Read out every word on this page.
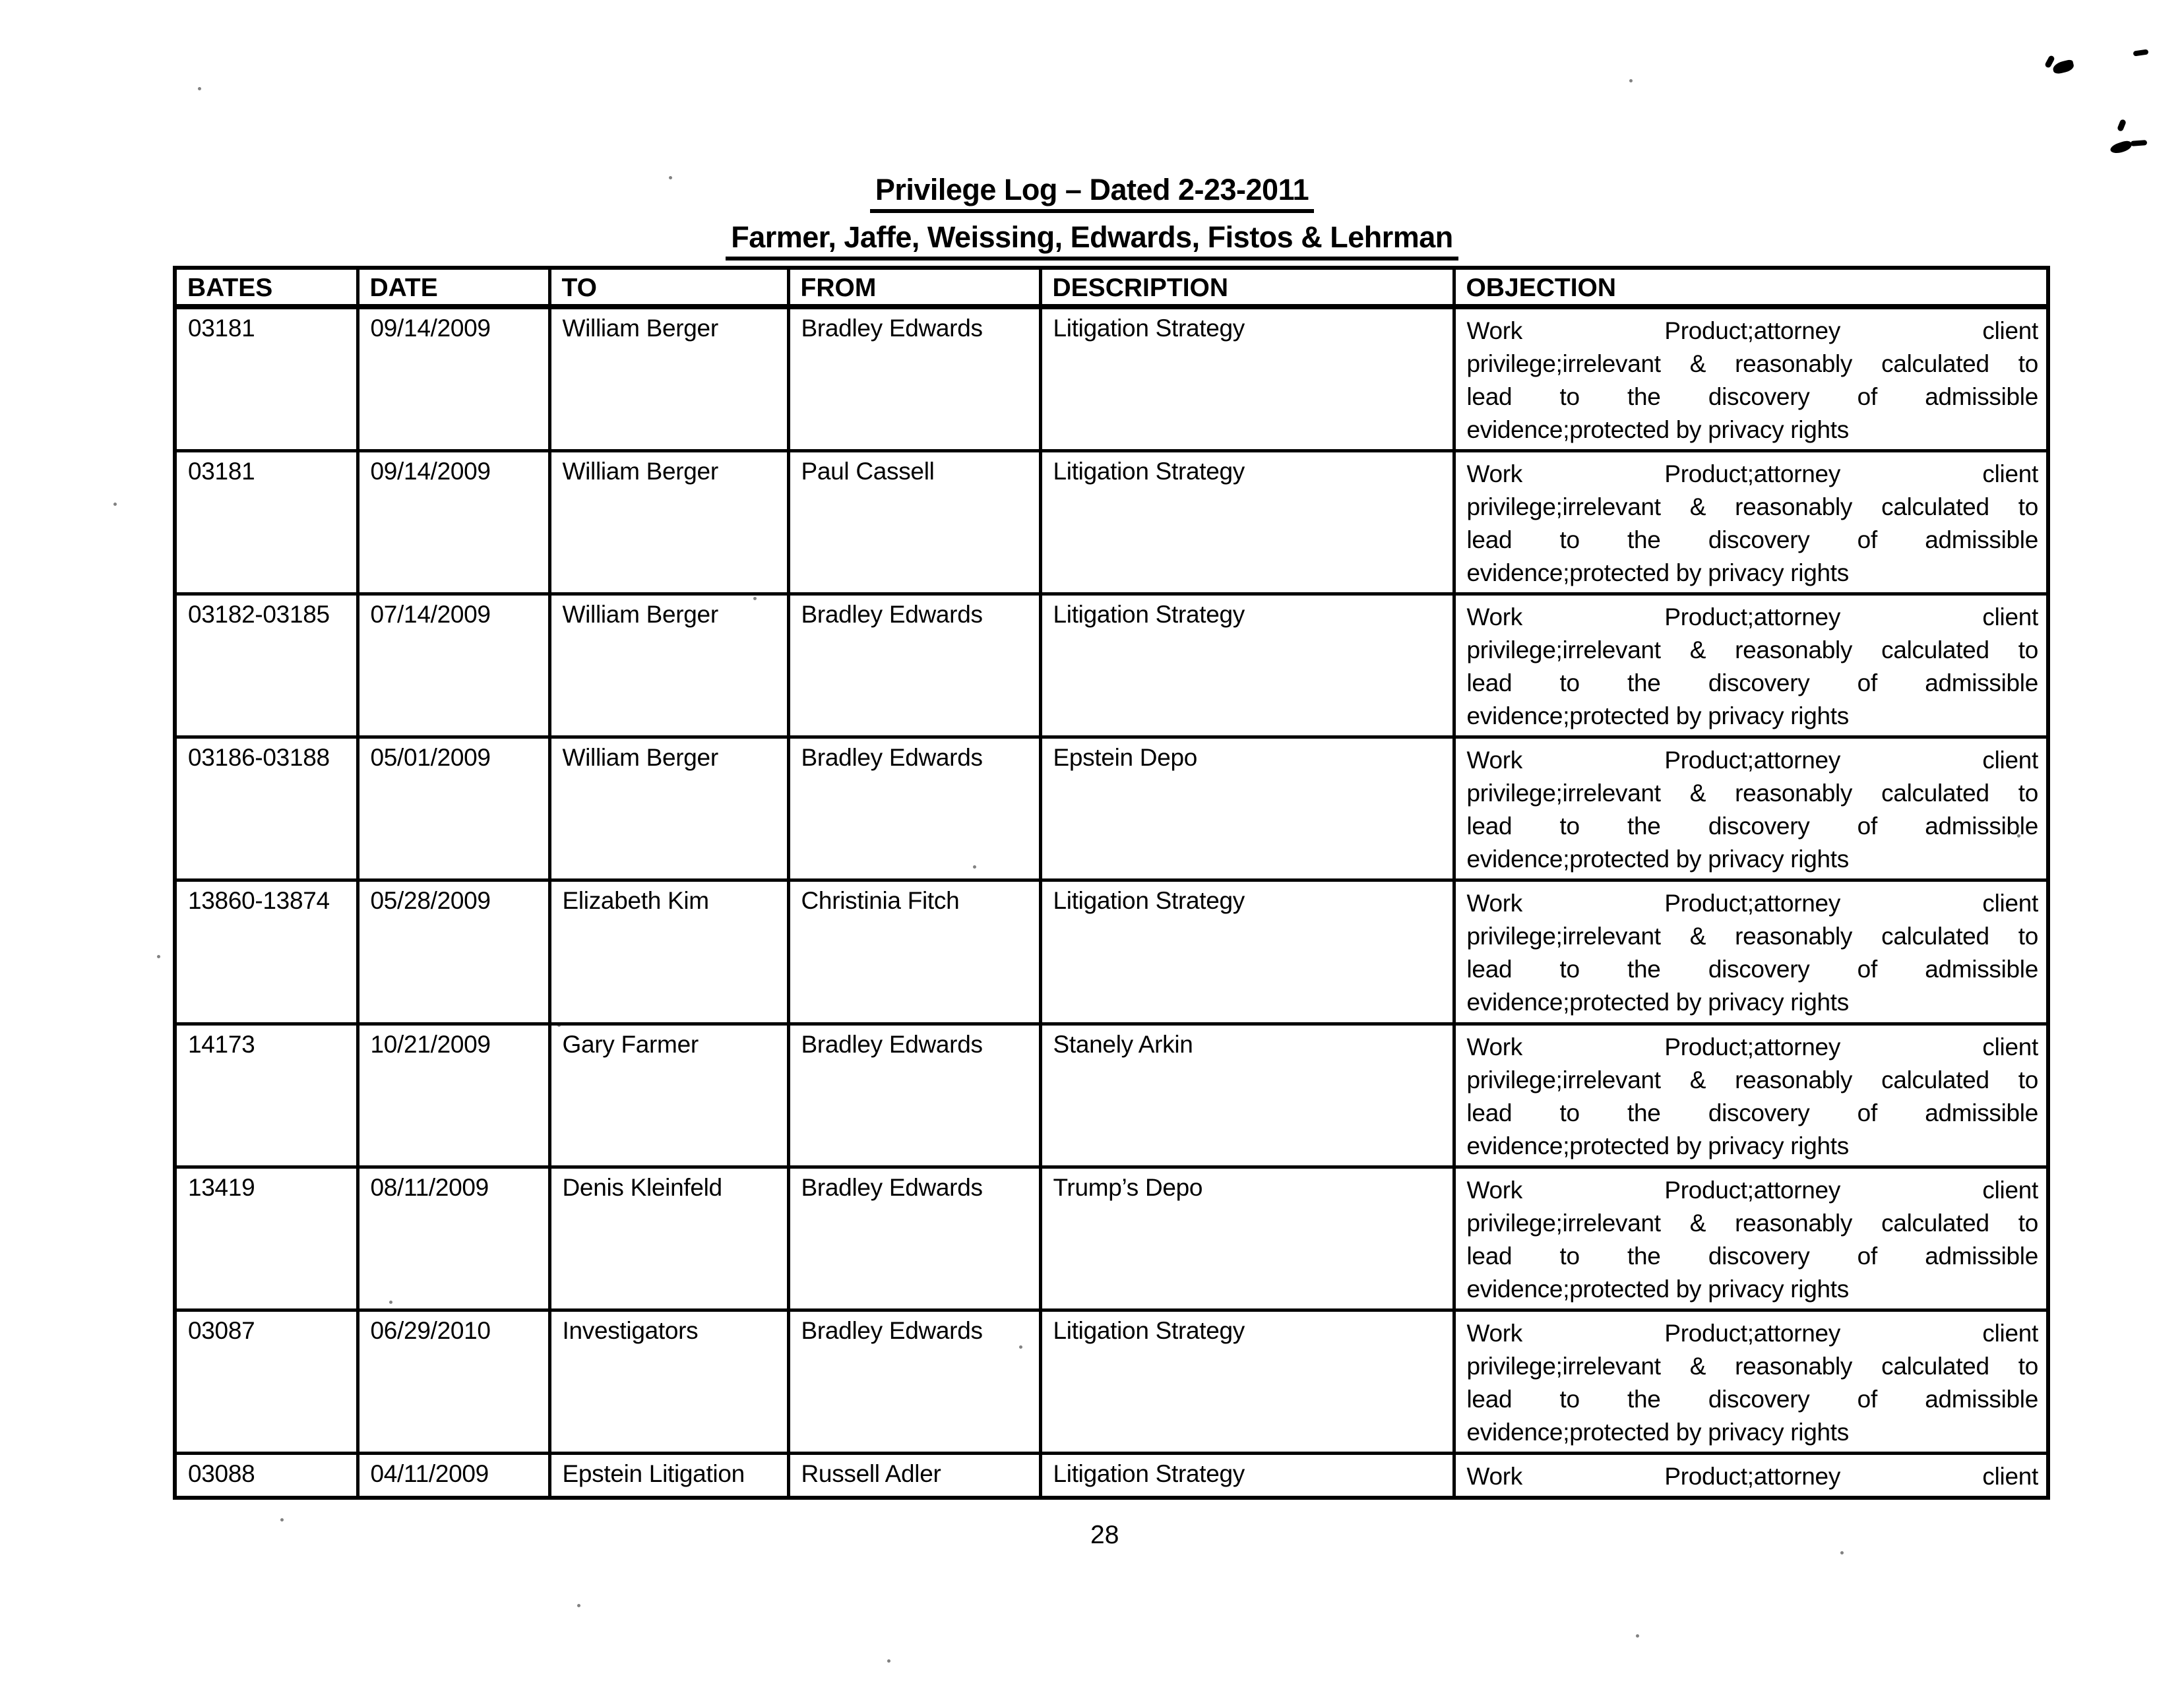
Privilege Log – Dated 2-23-2011
Farmer, Jaffe, Weissing, Edwards, Fistos & Lehrman
BATES	DATE	TO	FROM	DESCRIPTION	OBJECTION
03181	09/14/2009	William Berger	Bradley Edwards	Litigation Strategy	Work Product;attorney client
privilege;irrelevant & reasonably calculated to
lead to the discovery of admissible
evidence;protected by privacy rights

03181	09/14/2009	William Berger	Paul Cassell	Litigation Strategy	Work Product;attorney client
privilege;irrelevant & reasonably calculated to
lead to the discovery of admissible
evidence;protected by privacy rights

03182-03185	07/14/2009	William Berger	Bradley Edwards	Litigation Strategy	Work Product;attorney client
privilege;irrelevant & reasonably calculated to
lead to the discovery of admissible
evidence;protected by privacy rights

03186-03188	05/01/2009	William Berger	Bradley Edwards	Epstein Depo	Work Product;attorney client
privilege;irrelevant & reasonably calculated to
lead to the discovery of admissible
evidence;protected by privacy rights

13860-13874	05/28/2009	Elizabeth Kim	Christinia Fitch	Litigation Strategy	Work Product;attorney client
privilege;irrelevant & reasonably calculated to
lead to the discovery of admissible
evidence;protected by privacy rights

14173	10/21/2009	Gary Farmer	Bradley Edwards	Stanely Arkin	Work Product;attorney client
privilege;irrelevant & reasonably calculated to
lead to the discovery of admissible
evidence;protected by privacy rights

13419	08/11/2009	Denis Kleinfeld	Bradley Edwards	Trump’s Depo	Work Product;attorney client
privilege;irrelevant & reasonably calculated to
lead to the discovery of admissible
evidence;protected by privacy rights

03087	06/29/2010	Investigators	Bradley Edwards	Litigation Strategy	Work Product;attorney client
privilege;irrelevant & reasonably calculated to
lead to the discovery of admissible
evidence;protected by privacy rights

03088	04/11/2009	Epstein Litigation	Russell Adler	Litigation Strategy	Work Product;attorney client
28
